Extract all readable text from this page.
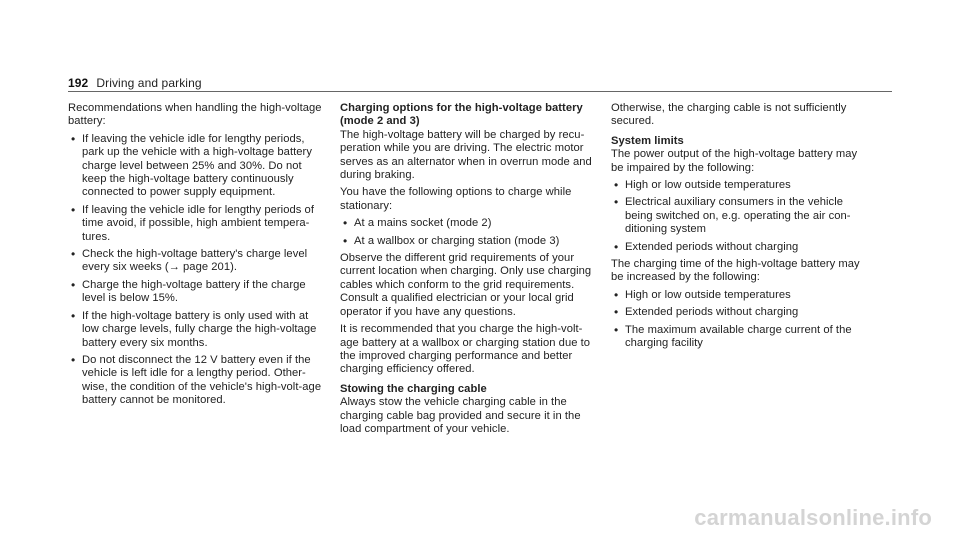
192 Driving and parking

Recommendations when handling the high-voltage battery:

• If leaving the vehicle idle for lengthy periods, park up the vehicle with a high-voltage battery charge level between 25% and 30%. Do not keep the high-voltage battery continuously connected to power supply equipment.
• If leaving the vehicle idle for lengthy periods of time avoid, if possible, high ambient tempera-tures.
• Check the high-voltage battery's charge level every six weeks (→ page 201).
• Charge the high-voltage battery if the charge level is below 15%.
• If the high-voltage battery is only used with at low charge levels, fully charge the high-voltage battery every six months.
• Do not disconnect the 12 V battery even if the vehicle is left idle for a lengthy period. Other-wise, the condition of the vehicle's high-volt-age battery cannot be monitored.
Charging options for the high-voltage battery
(mode 2 and 3)

The high-voltage battery will be charged by recu-peration while you are driving. The electric motor serves as an alternator when in overrun mode and during braking.

You have the following options to charge while stationary:

• At a mains socket (mode 2)
• At a wallbox or charging station (mode 3)

Observe the different grid requirements of your current location when charging. Only use charging cables which conform to the grid requirements. Consult a qualified electrician or your local grid operator if you have any questions.

It is recommended that you charge the high-volt-age battery at a wallbox or charging station due to the improved charging performance and better charging efficiency offered.

Stowing the charging cable

Always stow the vehicle charging cable in the charging cable bag provided and secure it in the load compartment of your vehicle.

Otherwise, the charging cable is not sufficiently secured.

System limits

The power output of the high-voltage battery may be impaired by the following:

• High or low outside temperatures
• Electrical auxiliary consumers in the vehicle being switched on, e.g. operating the air con-ditioning system
• Extended periods without charging

The charging time of the high-voltage battery may be increased by the following:

• High or low outside temperatures
• Extended periods without charging
• The maximum available charge current of the charging facility
carmanualsonline.info
